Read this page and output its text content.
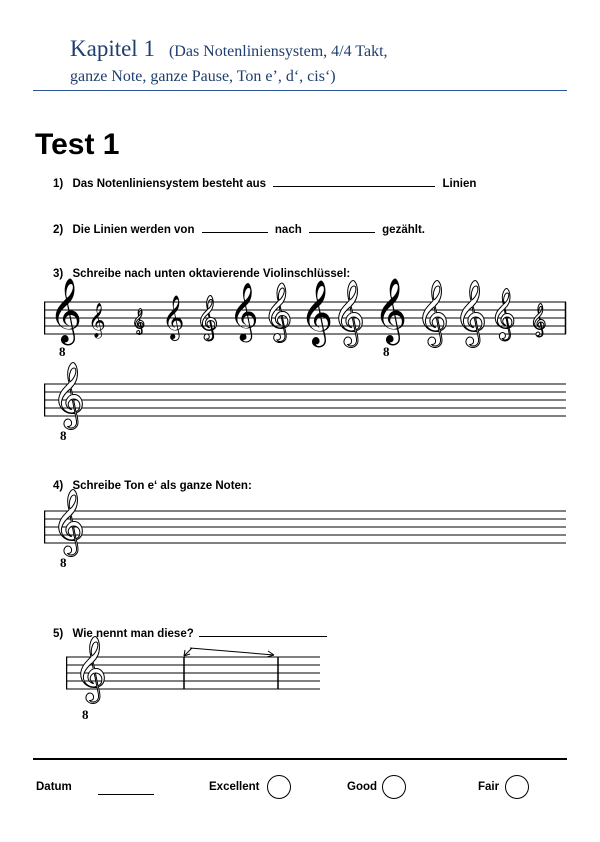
Kapitel 1 (Das Notenliniensystem, 4/4 Takt,
ganze Note, ganze Pause, Ton e’, d‘, cis‘)
Test 1
1) Das Notenliniensystem besteht aus	Linien
2) Die Linien werden von	nach	gezählt.
3) Schreibe nach unten oktavierende Violinschlüssel:
𝄞
8
𝄞 𝄞 𝄞 𝄞 𝄞 𝄞 𝄞
𝄞 𝄞
8
𝄞 𝄞 𝄞 𝄞
𝄞
8
4) Schreibe Ton e‘ als ganze Noten:
𝄞
8
5) Wie nennt man diese?
𝄞
8
Datum	Excellent	Good	Fair
